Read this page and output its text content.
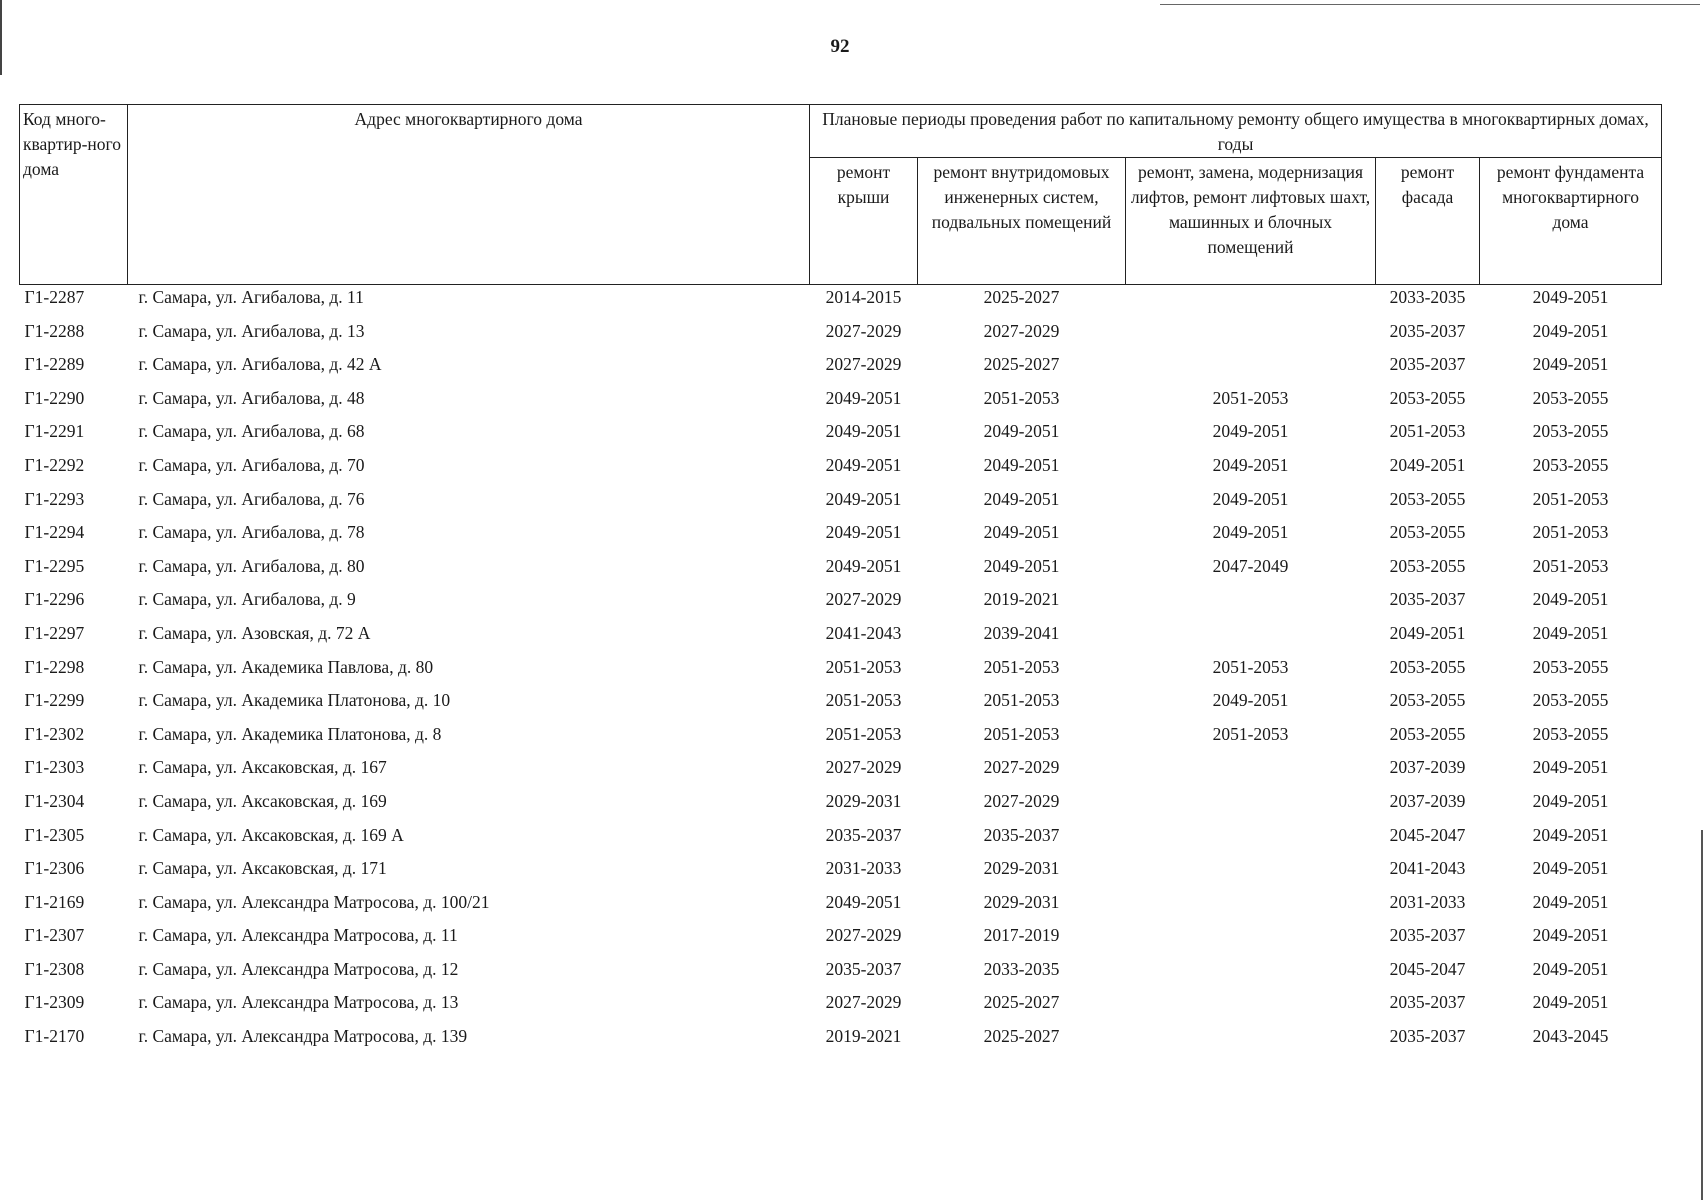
92
Код много-квартир-ного дома	Адрес многоквартирного дома	Плановые периоды проведения работ по капитальному ремонту общего имущества в многоквартирных домах, годы				
		ремонт крыши	ремонт внутридомовых инженерных систем, подвальных помещений	ремонт, замена, модернизация лифтов, ремонт лифтовых шахт, машинных и блочных помещений	ремонт фасада	ремонт фундамента многоквартирного дома
Г1-2287	г. Самара, ул. Агибалова, д. 11	2014-2015	2025-2027		2033-2035	2049-2051
Г1-2288	г. Самара, ул. Агибалова, д. 13	2027-2029	2027-2029		2035-2037	2049-2051
Г1-2289	г. Самара, ул. Агибалова, д. 42 А	2027-2029	2025-2027		2035-2037	2049-2051
Г1-2290	г. Самара, ул. Агибалова, д. 48	2049-2051	2051-2053	2051-2053	2053-2055	2053-2055
Г1-2291	г. Самара, ул. Агибалова, д. 68	2049-2051	2049-2051	2049-2051	2051-2053	2053-2055
Г1-2292	г. Самара, ул. Агибалова, д. 70	2049-2051	2049-2051	2049-2051	2049-2051	2053-2055
Г1-2293	г. Самара, ул. Агибалова, д. 76	2049-2051	2049-2051	2049-2051	2053-2055	2051-2053
Г1-2294	г. Самара, ул. Агибалова, д. 78	2049-2051	2049-2051	2049-2051	2053-2055	2051-2053
Г1-2295	г. Самара, ул. Агибалова, д. 80	2049-2051	2049-2051	2047-2049	2053-2055	2051-2053
Г1-2296	г. Самара, ул. Агибалова, д. 9	2027-2029	2019-2021		2035-2037	2049-2051
Г1-2297	г. Самара, ул. Азовская, д. 72 А	2041-2043	2039-2041		2049-2051	2049-2051
Г1-2298	г. Самара, ул. Академика Павлова, д. 80	2051-2053	2051-2053	2051-2053	2053-2055	2053-2055
Г1-2299	г. Самара, ул. Академика Платонова, д. 10	2051-2053	2051-2053	2049-2051	2053-2055	2053-2055
Г1-2302	г. Самара, ул. Академика Платонова, д. 8	2051-2053	2051-2053	2051-2053	2053-2055	2053-2055
Г1-2303	г. Самара, ул. Аксаковская, д. 167	2027-2029	2027-2029		2037-2039	2049-2051
Г1-2304	г. Самара, ул. Аксаковская, д. 169	2029-2031	2027-2029		2037-2039	2049-2051
Г1-2305	г. Самара, ул. Аксаковская, д. 169 А	2035-2037	2035-2037		2045-2047	2049-2051
Г1-2306	г. Самара, ул. Аксаковская, д. 171	2031-2033	2029-2031		2041-2043	2049-2051
Г1-2169	г. Самара, ул. Александра Матросова, д. 100/21	2049-2051	2029-2031		2031-2033	2049-2051
Г1-2307	г. Самара, ул. Александра Матросова, д. 11	2027-2029	2017-2019		2035-2037	2049-2051
Г1-2308	г. Самара, ул. Александра Матросова, д. 12	2035-2037	2033-2035		2045-2047	2049-2051
Г1-2309	г. Самара, ул. Александра Матросова, д. 13	2027-2029	2025-2027		2035-2037	2049-2051
Г1-2170	г. Самара, ул. Александра Матросова, д. 139	2019-2021	2025-2027		2035-2037	2043-2045
